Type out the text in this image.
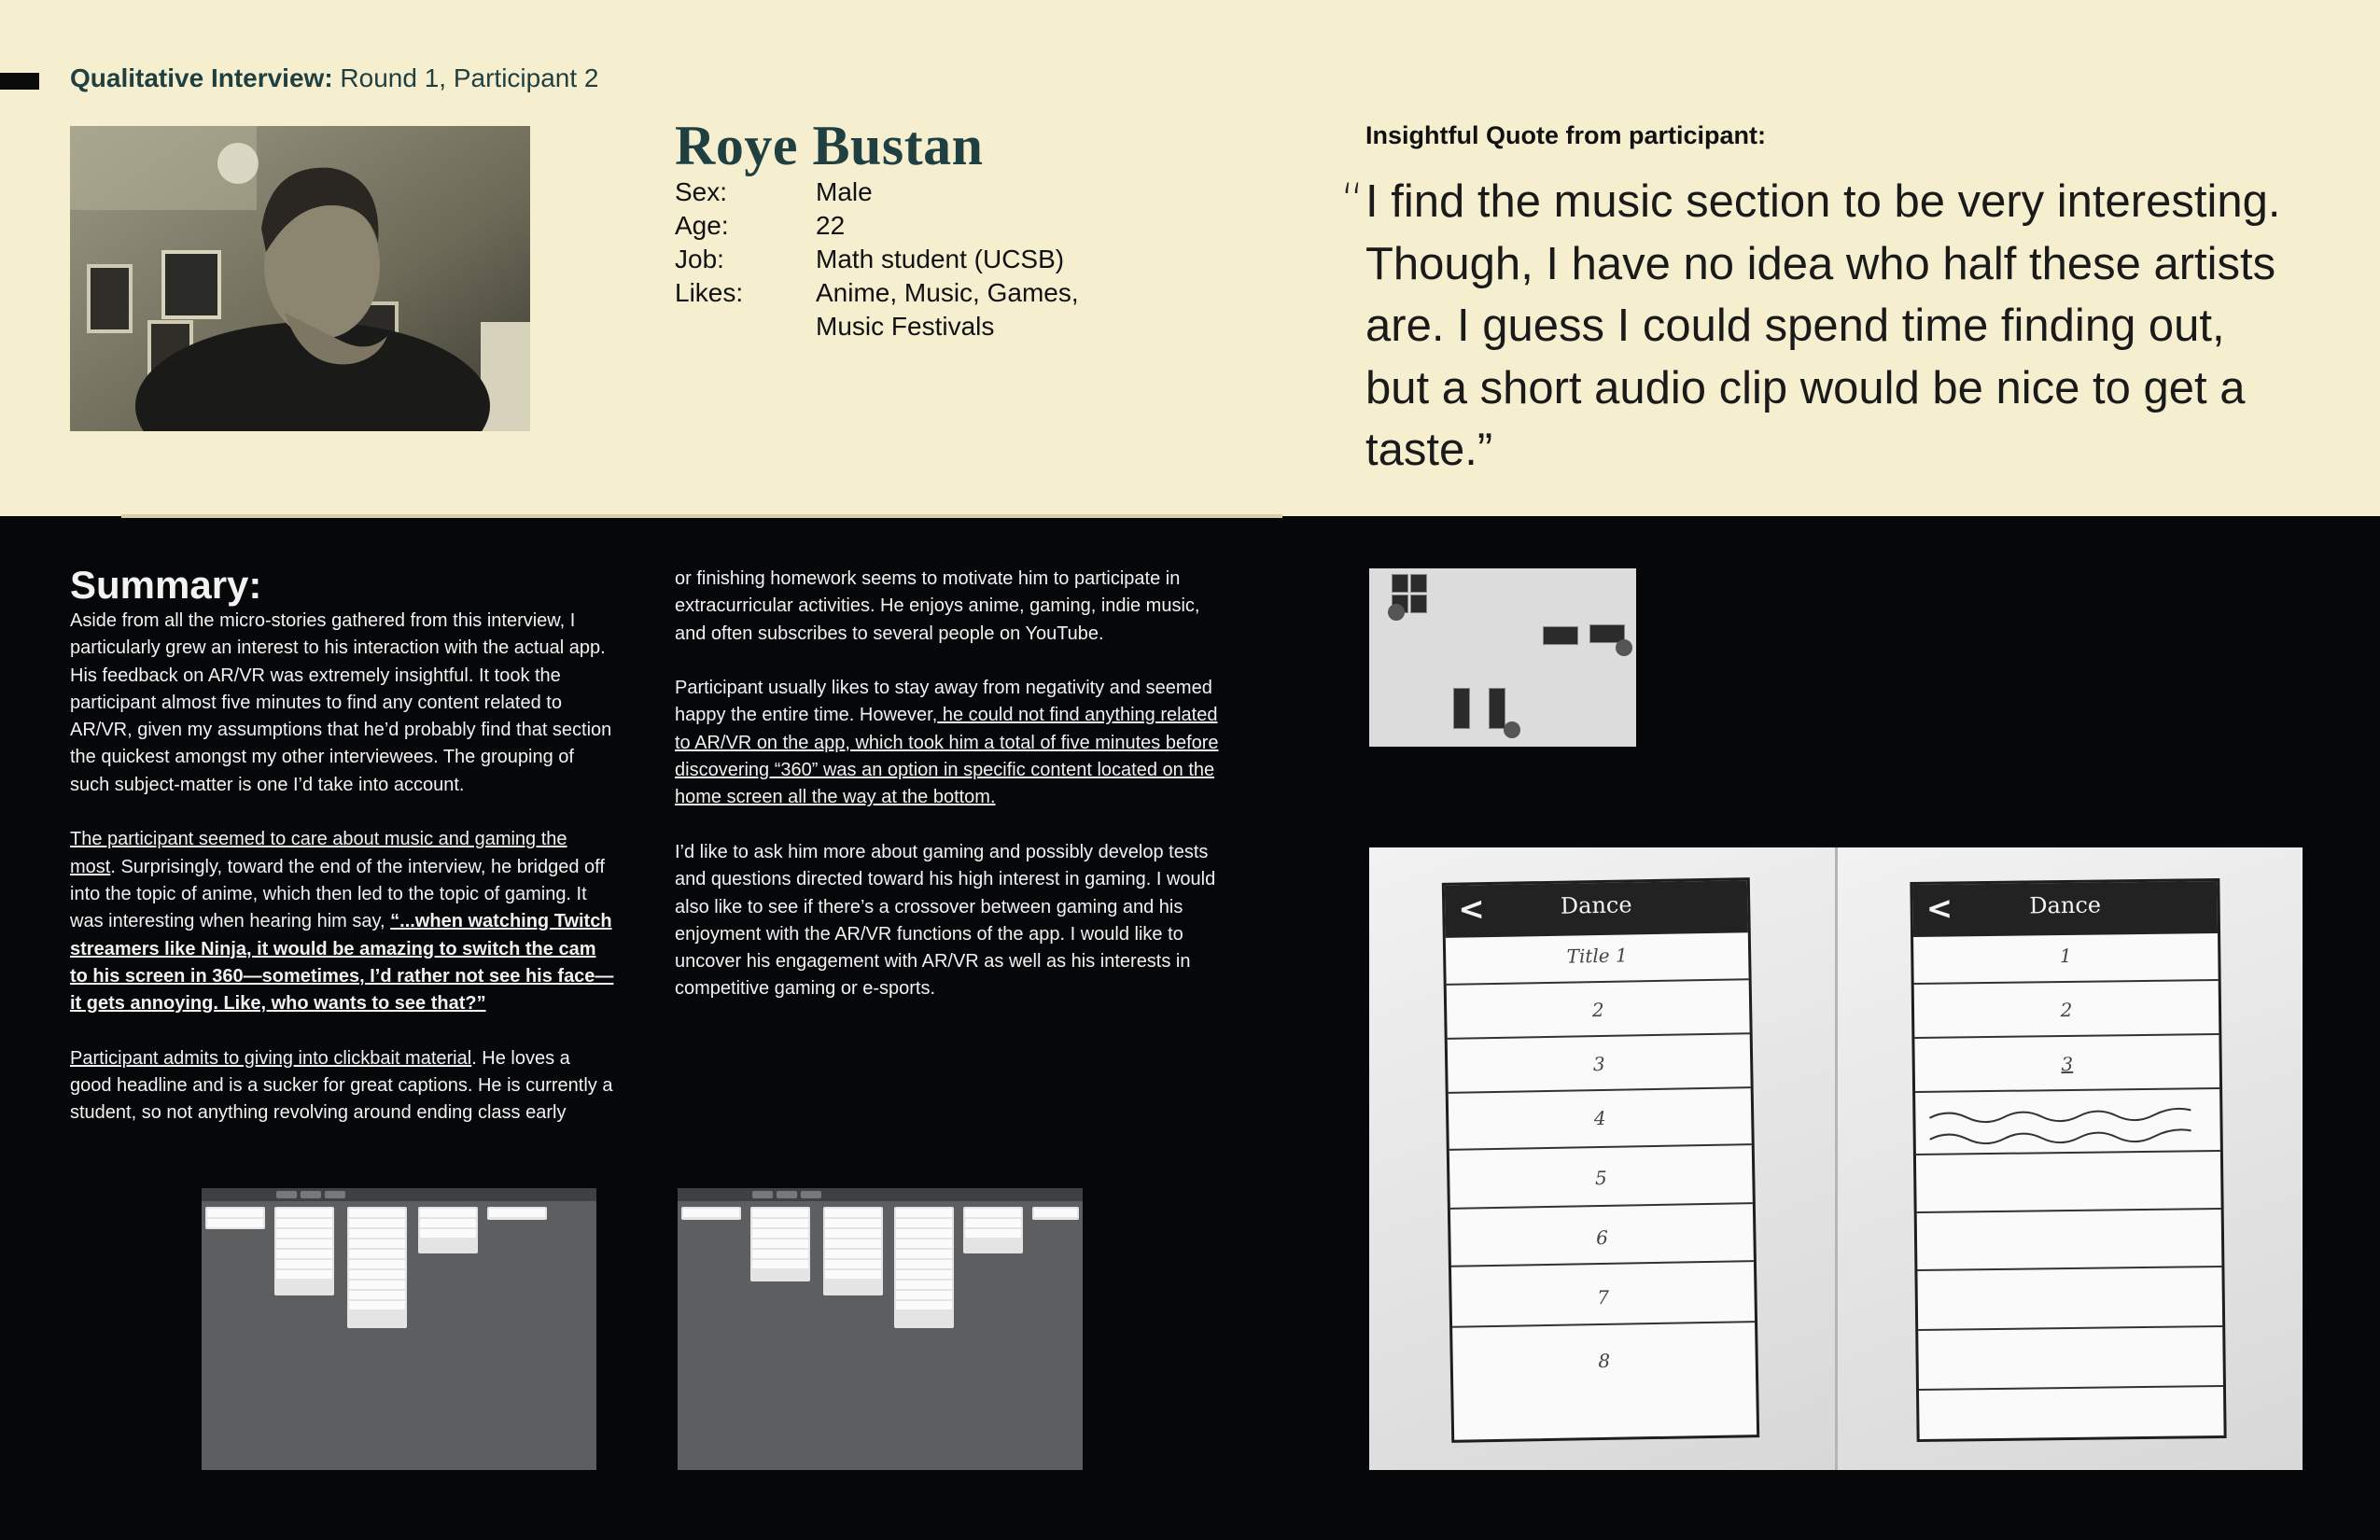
Qualitative Interview: Round 1, Participant 2
Roye Bustan
Sex:	Male
Age:	22
Job:	Math student (UCSB)
Likes:	Anime, Music, Games, Music Festivals
Insightful Quote from participant:
“ I find the music section to be very interesting. Though, I have no idea who half these artists are. I guess I could spend time finding out, but a short audio clip would be nice to get a taste.”
Summary:

Aside from all the micro-stories gathered from this interview, I particularly grew an interest to his interaction with the actual app. His feedback on AR/VR was extremely insightful. It took the participant almost five minutes to find any content related to AR/VR, given my assumptions that he’d probably find that section the quickest amongst my other interviewees. The grouping of such subject-matter is one I’d take into account.

The participant seemed to care about music and gaming the most. Surprisingly, toward the end of the interview, he bridged off into the topic of anime, which then led to the topic of gaming. It was interesting when hearing him say, “...when watching Twitch streamers like Ninja, it would be amazing to switch the cam to his screen in 360—sometimes, I’d rather not see his face—it gets annoying. Like, who wants to see that?”

Participant admits to giving into clickbait material. He loves a good headline and is a sucker for great captions. He is currently a student, so not anything revolving around ending class early

or finishing homework seems to motivate him to participate in extracurricular activities. He enjoys anime, gaming, indie music, and often subscribes to several people on YouTube.

Participant usually likes to stay away from negativity and seemed happy the entire time. However, he could not find anything related to AR/VR on the app, which took him a total of five minutes before discovering “360” was an option in specific content located on the home screen all the way at the bottom.

I’d like to ask him more about gaming and possibly develop tests and questions directed toward his high interest in gaming. I would also like to see if there’s a crossover between gaming and his enjoyment with the AR/VR functions of the app. I would like to uncover his engagement with AR/VR as well as his interests in competitive gaming or e-sports.

<	Dance
Title 1
2
3
4
5
6
7
8
<	Dance
1
2
3
